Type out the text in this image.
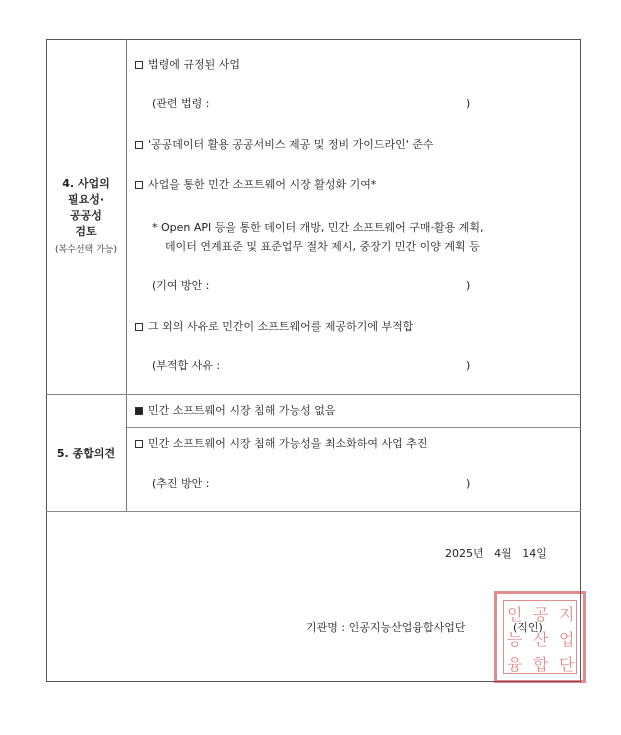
4. 사업의
필요성·
공공성
검토
(복수선택 가능)
법령에 규정된 사업
(관련 법령 :	)
'공공데이터 활용 공공서비스 제공 및 정비 가이드라인' 준수
사업을 통한 민간 소프트웨어 시장 활성화 기여*
* Open API 등을 통한 데이터 개방, 민간 소프트웨어 구매·활용 계획,
데이터 연계표준 및 표준업무 절차 제시, 중장기 민간 이양 계획 등
(기여 방안 :	)
그 외의 사유로 민간이 소프트웨어를 제공하기에 부적합
(부적합 사유 :	)
5. 종합의견
민간 소프트웨어 시장 침해 가능성 없음
민간 소프트웨어 시장 침해 가능성을 최소화하여 사업 추진
(추진 방안 :	)
2025년   4월   14일
기관명 : 인공지능산업융합사업단
인 공 지
능 산 업
융 합 단
(직인)
